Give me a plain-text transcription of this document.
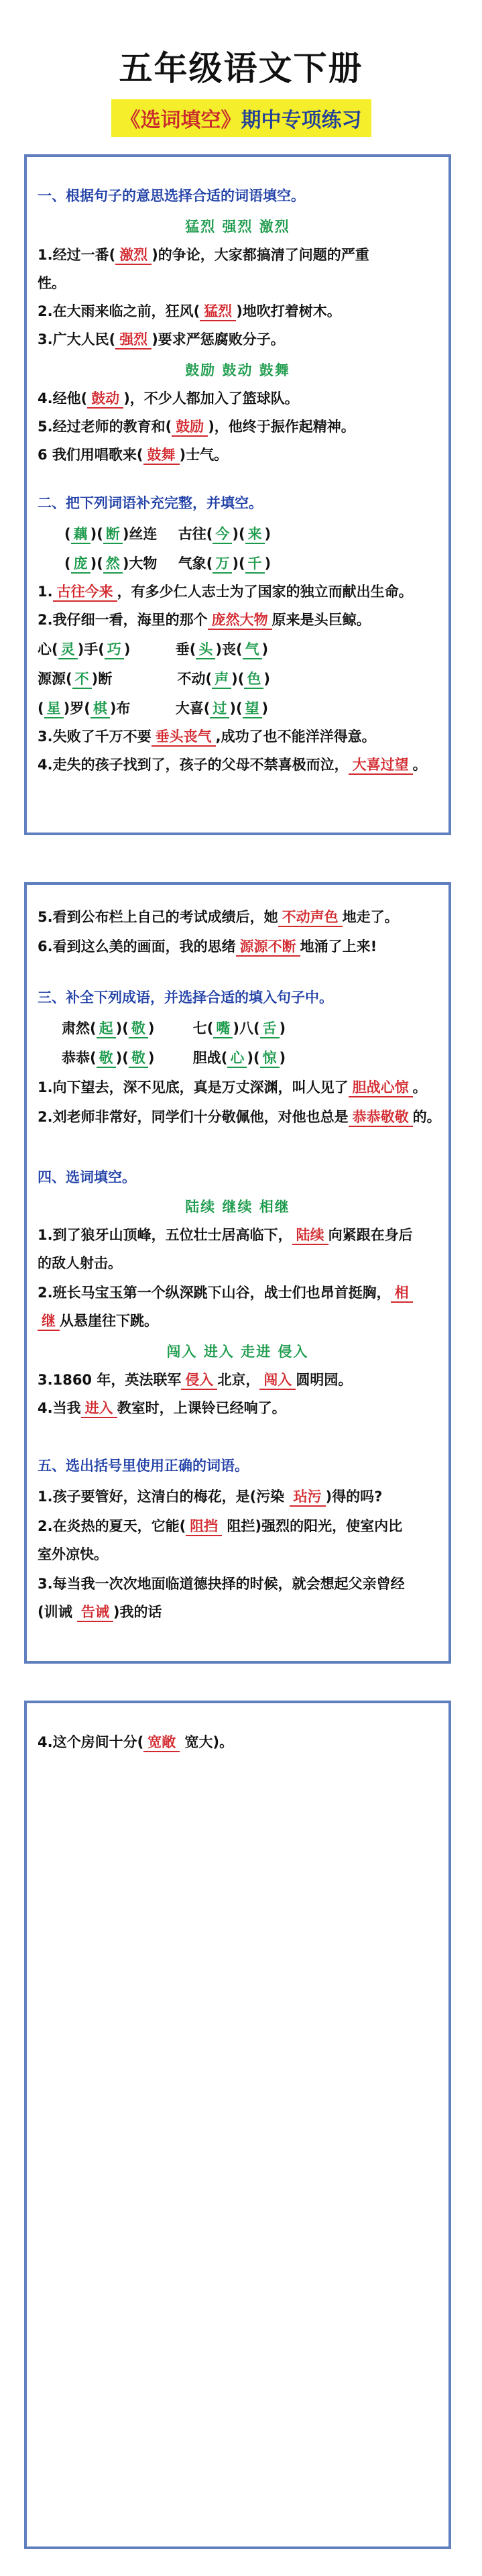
五年级语文下册
《选词填空》期中专项练习
一、根据句子的意思选择合适的词语填空。
猛烈 强烈 激烈
1.经过一番( 激烈 )的争论，大家都搞清了问题的严重
性。
2.在大雨来临之前，狂风( 猛烈 )地吹打着树木。
3.广大人民( 强烈 )要求严惩腐败分子。
鼓励 鼓动 鼓舞
4.经他( 鼓动 )，不少人都加入了篮球队。
5.经过老师的教育和( 鼓励 )，他终于振作起精神。
6 我们用唱歌来( 鼓舞 )士气。
二、把下列词语补充完整，并填空。
( 藕 )( 断 )丝连 古往( 今 )( 来 )
( 庞 )( 然 )大物 气象( 万 )( 千 )
1. 古往今来 ，有多少仁人志士为了国家的独立而献出生命。
2.我仔细一看，海里的那个 庞然大物 原来是头巨鲸。
心( 灵 )手( 巧 )	垂( 头 )丧( 气 )
源源( 不 )断	不动( 声 )( 色 )
( 星 )罗( 棋 )布	大喜( 过 )( 望 )
3.失败了千万不要 垂头丧气 ,成功了也不能洋洋得意。
4.走失的孩子找到了，孩子的父母不禁喜极而泣， 大喜过望 。
5.看到公布栏上自己的考试成绩后，她 不动声色 地走了。
6.看到这么美的画面，我的思绪 源源不断 地涌了上来!
三、补全下列成语，并选择合适的填入句子中。
肃然( 起 )( 敬 )	七( 嘴 )八( 舌 )
恭恭( 敬 )( 敬 )	胆战( 心 )( 惊 )
1.向下望去，深不见底，真是万丈深渊，叫人见了 胆战心惊 。
2.刘老师非常好，同学们十分敬佩他，对他也总是 恭恭敬敬 的。
四、选词填空。
陆续 继续 相继
1.到了狼牙山顶峰，五位壮士居高临下， 陆续 向紧跟在身后
的敌人射击。
2.班长马宝玉第一个纵深跳下山谷，战士们也昂首挺胸， 相
继 从悬崖往下跳。
闯入 进入 走进 侵入
3.1860 年，英法联军 侵入 北京， 闯入 圆明园。
4.当我 进入 教室时，上课铃已经响了。
五、选出括号里使用正确的词语。
1.孩子要管好，这清白的梅花，是(污染 玷污 )得的吗?
2.在炎热的夏天，它能( 阻挡 阻拦)强烈的阳光，使室内比
室外凉快。
3.每当我一次次地面临道德抉择的时候，就会想起父亲曾经
(训诫 告诫 )我的话
4.这个房间十分( 宽敞 宽大)。
